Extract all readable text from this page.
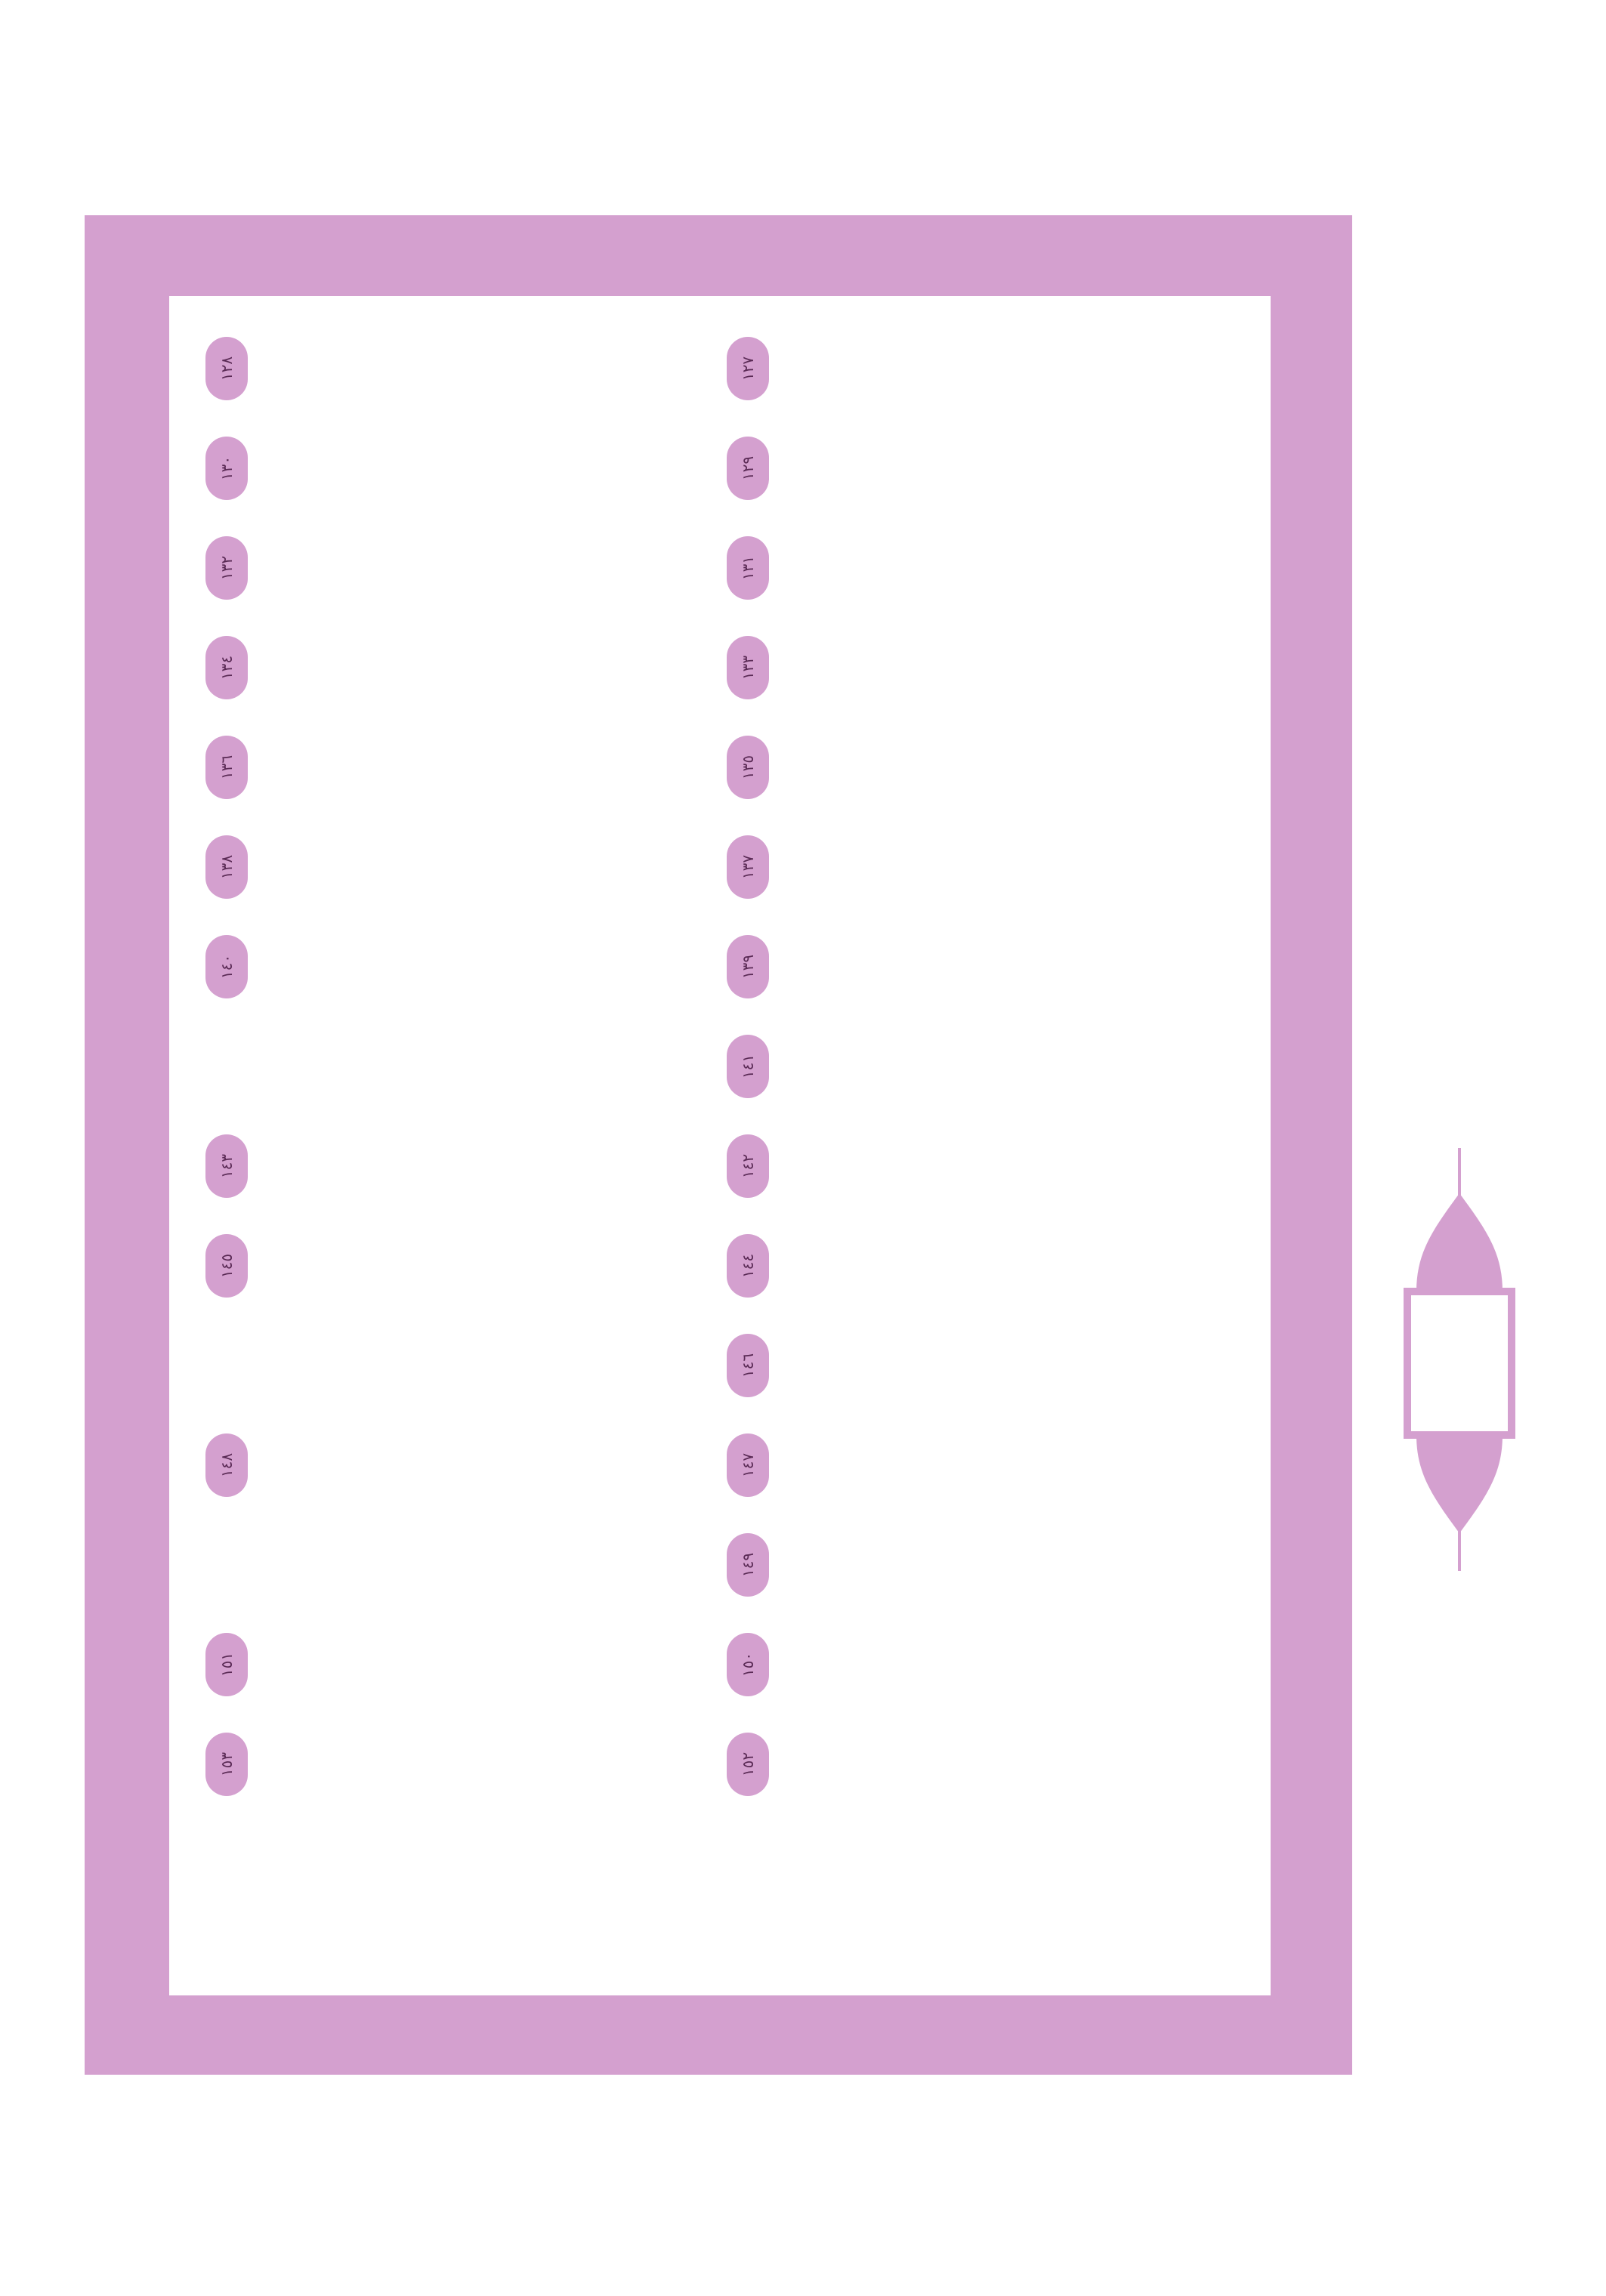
١٢٧
١٢٨
١٢٩
١٣٠
١٣١
١٣٢
١٣٣
١٣٤
١٣٥
١٣٦
١٣٧
١٣٨
١٣٩
١٤٠
١٤١
١٤٢
١٤٣
١٤٤
١٤٥
١٤٦
١٤٧
١٤٨
١٤٩
١٥٠
١٥١
١٥٢
١٥٣
